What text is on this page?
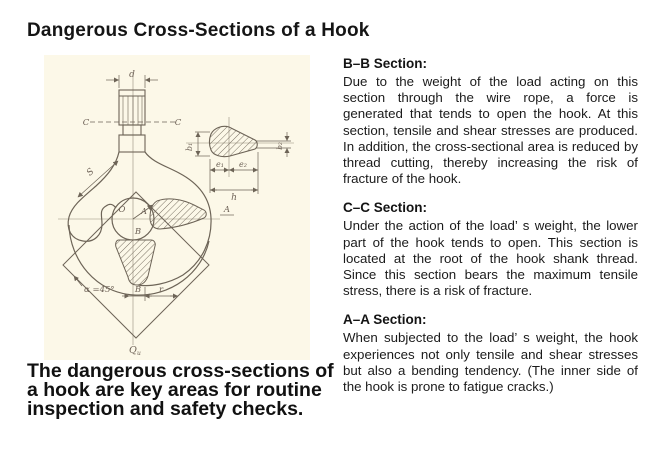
Dangerous Cross-Sections of a Hook
d
C	C
S
O A	A
B
α =45° B r
Q u
b₁	b₂
e₁ e₂
h
The dangerous cross-sections of a hook are key areas for routine inspection and safety checks.
B–B Section:

Due to the weight of the load acting on this section through the wire rope, a force is generated that tends to open the hook. At this section, tensile and shear stresses are produced. In addition, the cross-sectional area is reduced by thread cutting, thereby increasing the risk of fracture of the hook.

C–C Section:

Under the action of the load’ s weight, the lower part of the hook tends to open. This section is located at the root of the hook shank thread. Since this section bears the maximum tensile stress, there is a risk of fracture.

A–A Section:

When subjected to the load’ s weight, the hook experiences not only tensile and shear stresses but also a bending tendency. (The inner side of the hook is prone to fatigue cracks.)
